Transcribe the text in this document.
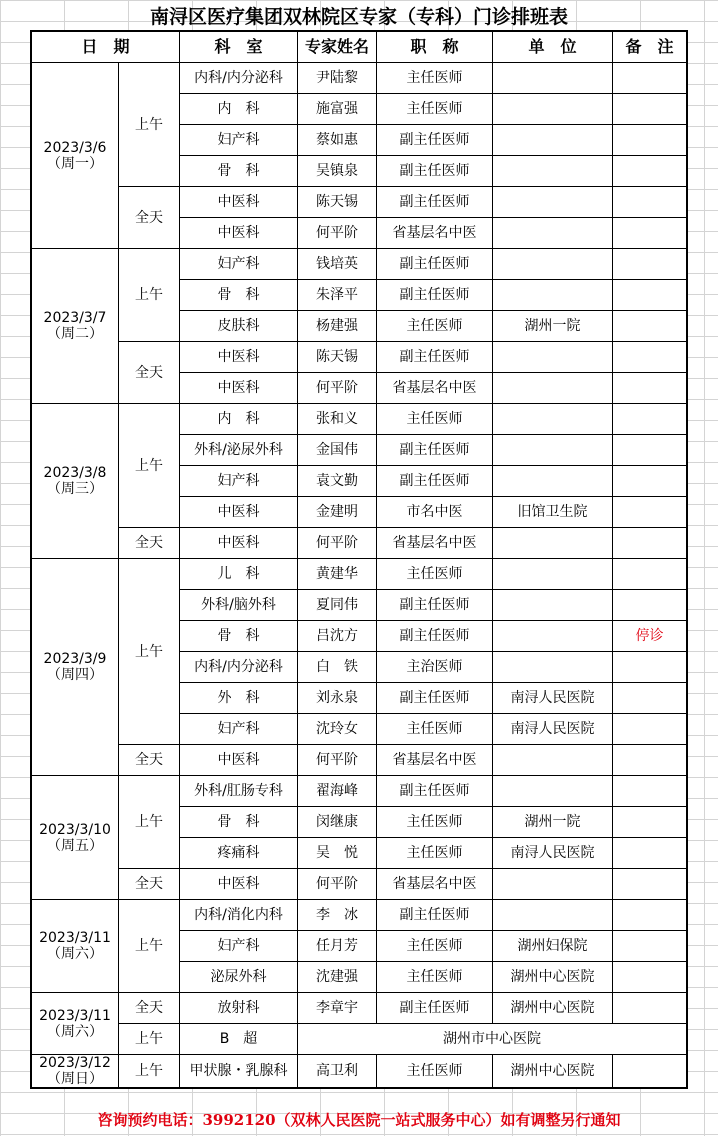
南浔区医疗集团双林院区专家（专科）门诊排班表
日　期		科　室	专家姓名	职　称	单　位	备　注	

2023/3/6
（周一）	上午	内科/内分泌科	尹陆黎	主任医师			
		内　科	施富强	主任医师			
		妇产科	蔡如惠	副主任医师			
		骨　科	吴镇泉	副主任医师			
	全天	中医科	陈天锡	副主任医师			
		中医科	何平阶	省基层名中医			

2023/3/7
（周二）	上午	妇产科	钱培英	副主任医师			
		骨　科	朱泽平	副主任医师			
		皮肤科	杨建强	主任医师	湖州一院		
	全天	中医科	陈天锡	副主任医师			
		中医科	何平阶	省基层名中医			

2023/3/8
（周三）	上午	内　科	张和义	主任医师			
		外科/泌尿外科	金国伟	副主任医师			
		妇产科	袁文勤	副主任医师			
		中医科	金建明	市名中医	旧馆卫生院		
	全天	中医科	何平阶	省基层名中医			

2023/3/9
（周四）	上午	儿　科	黄建华	主任医师			
		外科/脑外科	夏同伟	副主任医师			
		骨　科	吕沈方	副主任医师		停诊	
		内科/内分泌科	白　铁	主治医师			
		外　科	刘永泉	副主任医师	南浔人民医院		
		妇产科	沈玲女	主任医师	南浔人民医院		
	全天	中医科	何平阶	省基层名中医			

2023/3/10
（周五）	上午	外科/肛肠专科	翟海峰	副主任医师			
		骨　科	闵继康	主任医师	湖州一院		
		疼痛科	吴　悦	主任医师	南浔人民医院		
	全天	中医科	何平阶	省基层名中医			

2023/3/11
（周六）	上午	内科/消化内科	李　冰	副主任医师			
		妇产科	任月芳	主任医师	湖州妇保院		
		泌尿外科	沈建强	主任医师	湖州中心医院		

2023/3/11
（周六）	全天	放射科	李章宇	副主任医师	湖州中心医院		
	上午	B　超	湖州市中心医院				

2023/3/12
（周日）	上午	甲状腺・乳腺科	高卫利	主任医师	湖州中心医院		
咨询预约电话：3992120（双林人民医院一站式服务中心）如有调整另行通知
